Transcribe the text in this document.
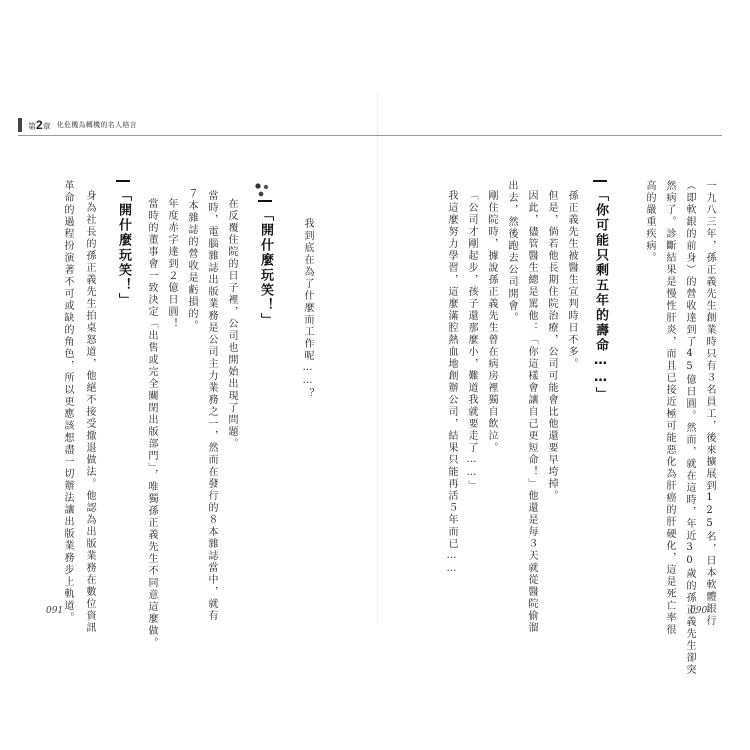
第2章 化危機為轉機的名人格言
一九八三年，孫正義先生創業時只有３名員工，後來擴展到125名，日本軟體銀行
（即軟銀的前身）的營收達到了45億日圓。然而，就在這時，年近30歲的孫正義先生卻突
然病了。診斷結果是慢性肝炎，而且已接近極可能惡化為肝癌的肝硬化，這是死亡率很
高的嚴重疾病。
「你可能只剩五年的壽命……」
孫正義先生被醫生宣判時日不多。
但是，倘若他長期住院治療，公司可能會比他還要早垮掉。
因此，儘管醫生總是罵他：「你這樣會讓自己更短命！」他還是每３天就從醫院偷溜
出去，然後跑去公司開會。
剛住院時，據說孫正義先生曾在病房裡獨自飲泣。
「公司才剛起步，孩子還那麼小，難道我就要走了……」
我這麼努力學習，這麼滿腔熱血地創辦公司，結果只能再活５年而已……
090
我到底在為了什麼而工作呢……？
「開什麼玩笑！」
在反覆住院的日子裡，公司也開始出現了問題。
當時，電腦雜誌出版業務是公司主力業務之一，然而在發行的８本雜誌當中，就有
７本雜誌的營收是虧損的。
年度赤字達到２億日圓！
當時的董事會一致決定「出售或完全關閉出版部門」，唯獨孫正義先生不同意這麼做。
「開什麼玩笑！」
身為社長的孫正義先生拍桌怒道，他絕不接受撤退做法。他認為出版業務在數位資訊
革命的過程扮演著不可或缺的角色，所以更應該想盡一切辦法讓出版業務步上軌道。
091
